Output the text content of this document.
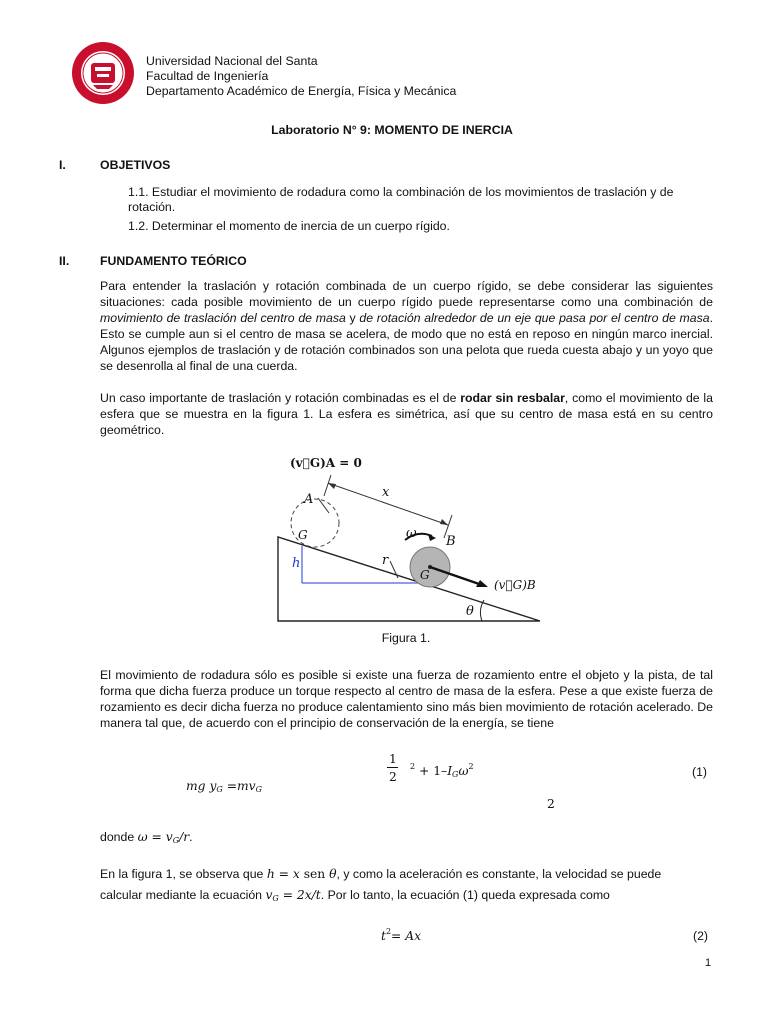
Universidad Nacional del Santa
Facultad de Ingeniería
Departamento Académico de Energía, Física y Mecánica
Laboratorio N° 9: MOMENTO DE INERCIA
I.	OBJETIVOS
1.1. Estudiar el movimiento de rodadura como la combinación de los movimientos de traslación y de
rotación.
1.2. Determinar el momento de inercia de un cuerpo rígido.
II.	FUNDAMENTO TEÓRICO
Para entender la traslación y rotación combinada de un cuerpo rígido, se debe considerar las siguientes situaciones: cada posible movimiento de un cuerpo rígido puede representarse como una combinación de movimiento de traslación del centro de masa y de rotación alrededor de un eje que pasa por el centro de masa. Esto se cumple aun si el centro de masa se acelera, de modo que no está en reposo en ningún marco inercial. Algunos ejemplos de traslación y de rotación combinados son una pelota que rueda cuesta abajo y un yoyo que se desenrolla al final de una cuerda.
Un caso importante de traslación y rotación combinadas es el de rodar sin resbalar, como el movimiento de la esfera que se muestra en la figura 1. La esfera es simétrica, así que su centro de masa está en su centro geométrico.
(v⃗G)A = 0
A	x
G	ω
B
h	r
G
(v⃗G)B
θ
Figura 1.
El movimiento de rodadura sólo es posible si existe una fuerza de rozamiento entre el objeto y la pista, de tal forma que dicha fuerza produce un torque respecto al centro de masa de la esfera. Pese a que existe fuerza de rozamiento es decir dicha fuerza no produce calentamiento sino más bien movimiento de rotación acelerado. De manera tal que, de acuerdo con el principio de conservación de la energía, se tiene
1
2
$^2 + 1-I_G\omega^2$	(1)
mg $y_G =mv_G$
2
donde $\omega = v_G/r$.
En la figura 1, se observa que h = x sen θ, y como la aceleración es constante, la velocidad se puede
calcular mediante la ecuación $v_G = 2x/t$. Por lo tanto, la ecuación (1) queda expresada como
$t^2= Ax$	(2)
1
